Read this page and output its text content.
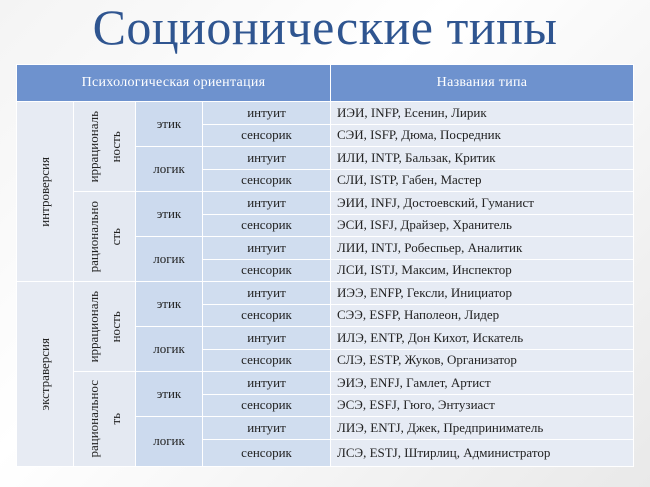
Соционические типы
Психологическая ориентация				Названия типа

интроверсия	иррациональ ность	этик	интуит	ИЭИ, INFP, Есенин, Лирик
			сенсорик	СЭИ, ISFP, Дюма, Посредник
		логик	интуит	ИЛИ, INTP, Бальзак, Критик
			сенсорик	СЛИ, ISTP, Габен, Мастер

	рационально сть	этик	интуит	ЭИИ, INFJ, Достоевский, Гуманист
			сенсорик	ЭСИ, ISFJ, Драйзер, Хранитель
		логик	интуит	ЛИИ, INTJ, Робеспьер, Аналитик
			сенсорик	ЛСИ, ISTJ, Максим, Инспектор

экстраверсия	иррациональ ность	этик	интуит	ИЭЭ, ENFP, Гексли, Инициатор
			сенсорик	СЭЭ, ESFP, Наполеон, Лидер
		логик	интуит	ИЛЭ, ENTP, Дон Кихот, Искатель
			сенсорик	СЛЭ, ESTP, Жуков, Организатор

	рациональнос ть	этик	интуит	ЭИЭ, ENFJ, Гамлет, Артист
			сенсорик	ЭСЭ, ESFJ, Гюго, Энтузиаст
		логик	интуит	ЛИЭ, ENTJ, Джек, Предприниматель
			сенсорик	ЛСЭ, ESTJ, Штирлиц, Администратор
